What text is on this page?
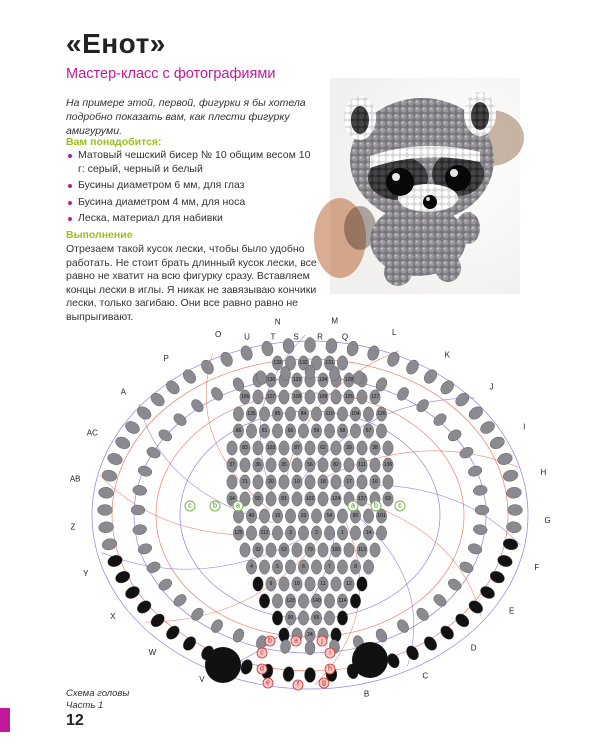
«Енот»
Мастер-класс с фотографиями
На примере этой, первой, фигурки я бы хотела подробно показать вам, как плести фигурку амигуруми.
Вам понадобится:
Матовый чешский бисер № 10 общим весом 10 г: серый, черный и белый
Бусины диаметром 6 мм, для глаз
Бусина диаметром 4 мм, для носа
Леска, материал для набивки
Выполнение
Отрезаем такой кусок лески, чтобы было удобно работать. Не стоит брать длинный кусок лески, все равно не хватит на всю фигурку сразу. Вставляем концы лески в иглы. Я никак не завязываю кончики лески, только загибаю. Они все равно равно не выпрыгивают.
133	132	131
130	129	134	128
106	107	108	109	105	127
135	85	84	110	104	126
86	61	60	59	58	57
83	103	87	62	39	38
37	36	35	56	82	111	136
21	20	19	18	17	16
34	55	81	102	124	137	63
40	15	33	54	80	101
125	112	3	2	1	14
32	53	79	100	113
4	5	6	7	8
9	10	11	12
13	123	140	114
90	65	44
23	24	25
U	T S R Q
V
W
X
Y
Z
AB
AC
A
P
O
N	M
L
K
J
I
H
G
F
E
D
C
B
c	b	a	a	b	c
b	a	j
c	i
d	h
e	f	g
Схема головы
Часть 1
12
